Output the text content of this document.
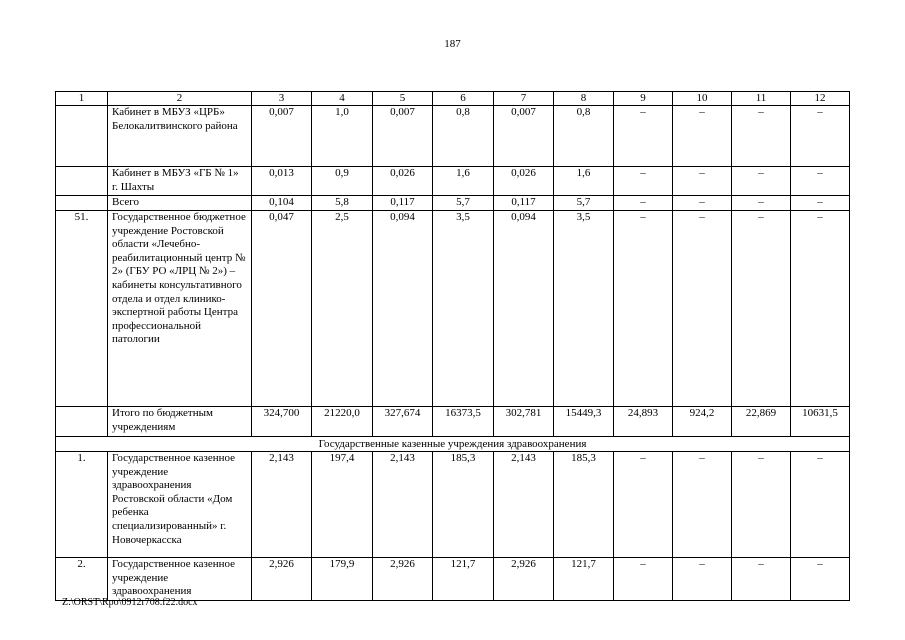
187
1	2	3	4	5	6	7	8	9	10	11	12
	Кабинет в МБУЗ «ЦРБ» Белокалитвинского района	0,007	1,0	0,007	0,8	0,007	0,8	–	–	–	–
	Кабинет в МБУЗ «ГБ № 1» г. Шахты	0,013	0,9	0,026	1,6	0,026	1,6	–	–	–	–
	Всего	0,104	5,8	0,117	5,7	0,117	5,7	–	–	–	–
51.	Государственное бюджетное учреждение Ростовской области «Лечебно-реабилитационный центр № 2» (ГБУ РО «ЛРЦ № 2») – кабинеты консультативного отдела и отдел клинико-экспертной работы Центра профессиональной патологии	0,047	2,5	0,094	3,5	0,094	3,5	–	–	–	–
	Итого по бюджетным учреждениям	324,700	21220,0	327,674	16373,5	302,781	15449,3	24,893	924,2	22,869	10631,5
Государственные казенные учреждения здравоохранения											
1.	Государственное казенное учреждение здравоохранения Ростовской области «Дом ребенка специализированный» г. Новочеркасска	2,143	197,4	2,143	185,3	2,143	185,3	–	–	–	–
2.	Государственное казенное учреждение здравоохранения	2,926	179,9	2,926	121,7	2,926	121,7	–	–	–	–
Z:\ORST\Rpo\0912r708.f22.docx
